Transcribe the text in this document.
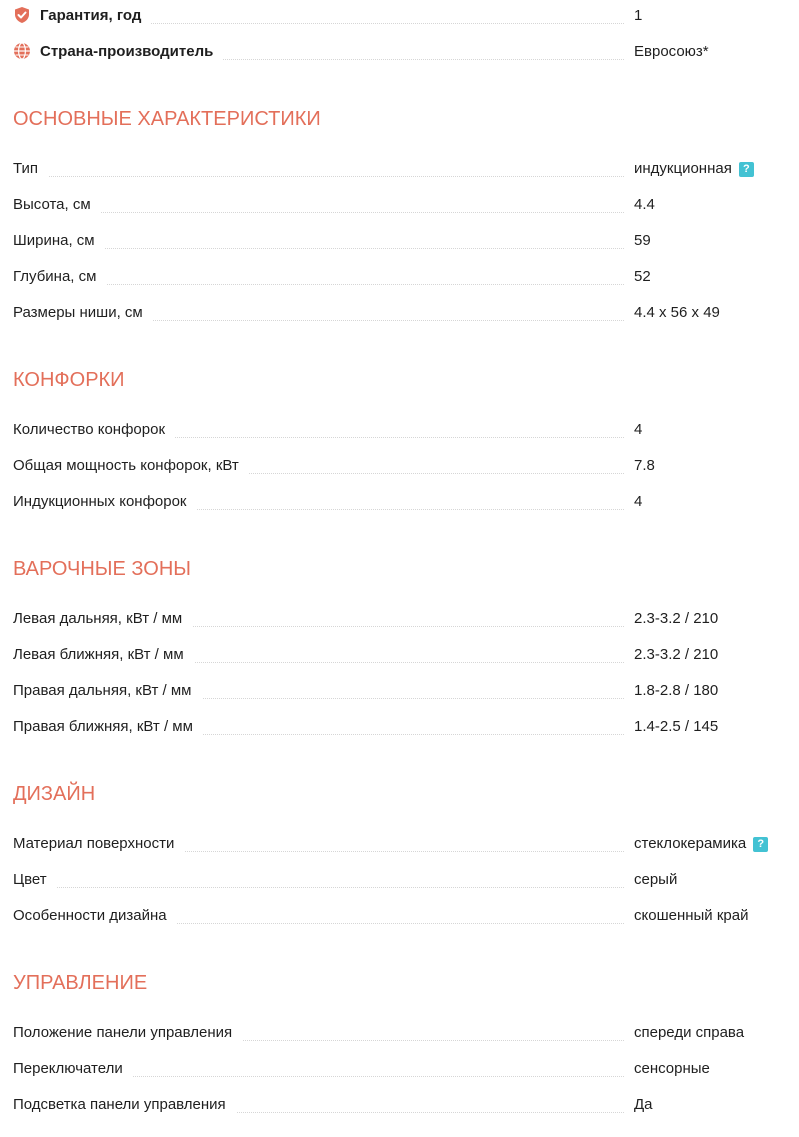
Гарантия, год	1
Страна-производитель	Евросоюз*
ОСНОВНЫЕ ХАРАКТЕРИСТИКИ
Тип	индукционная ?
Высота, см	4.4
Ширина, см	59
Глубина, см	52
Размеры ниши, см	4.4 x 56 x 49
КОНФОРКИ
Количество конфорок	4
Общая мощность конфорок, кВт	7.8
Индукционных конфорок	4
ВАРОЧНЫЕ ЗОНЫ
Левая дальняя, кВт / мм	2.3-3.2 / 210
Левая ближняя, кВт / мм	2.3-3.2 / 210
Правая дальняя, кВт / мм	1.8-2.8 / 180
Правая ближняя, кВт / мм	1.4-2.5 / 145
ДИЗАЙН
Материал поверхности	стеклокерамика ?
Цвет	серый
Особенности дизайна	скошенный край
УПРАВЛЕНИЕ
Положение панели управления	спереди справа
Переключатели	сенсорные
Подсветка панели управления	Да
